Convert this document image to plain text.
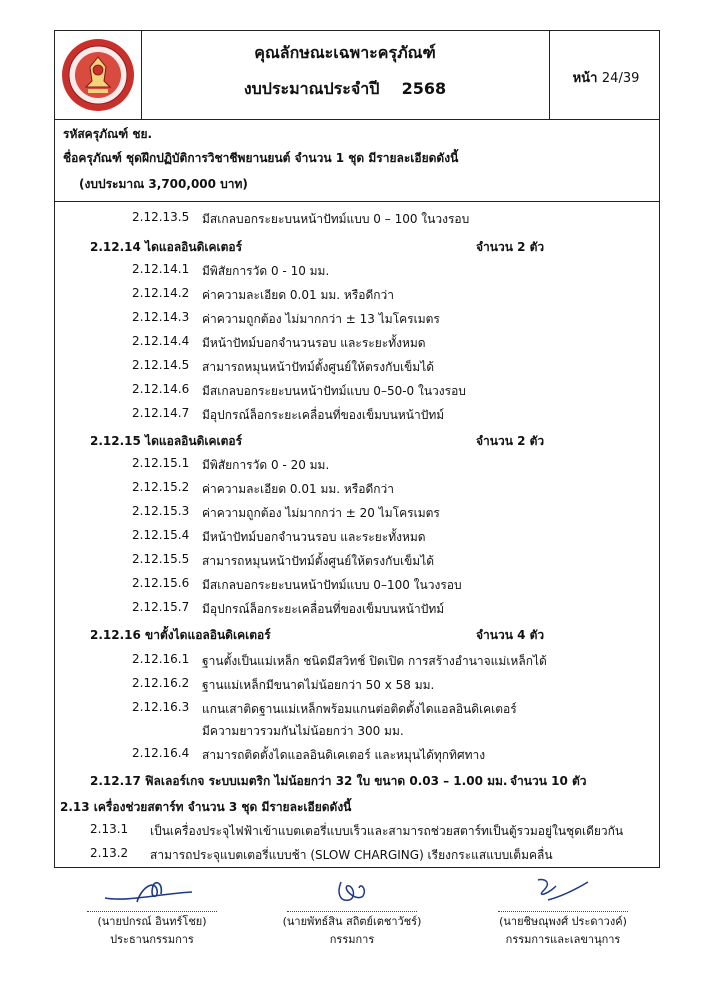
คุณลักษณะเฉพาะครุภัณฑ์
งบประมาณประจำปี 2568
หน้า 24/39
รหัสครุภัณฑ์ ชย.
ชื่อครุภัณฑ์ ชุดฝึกปฏิบัติการวิชาชีพยานยนต์ จำนวน 1 ชุด มีรายละเอียดดังนี้
(งบประมาณ 3,700,000 บาท)
2.12.13.5 มีสเกลบอกระยะบนหน้าปัทม์แบบ 0 – 100 ในวงรอบ
2.12.14 ไดแอลอินดิเคเตอร์	จำนวน 2 ตัว
2.12.14.1 มีพิสัยการวัด 0 - 10 มม.
2.12.14.2 ค่าความละเอียด 0.01 มม. หรือดีกว่า
2.12.14.3 ค่าความถูกต้อง ไม่มากกว่า ± 13 ไมโครเมตร
2.12.14.4 มีหน้าปัทม์บอกจำนวนรอบ และระยะทั้งหมด
2.12.14.5 สามารถหมุนหน้าปัทม์ตั้งศูนย์ให้ตรงกับเข็มได้
2.12.14.6 มีสเกลบอกระยะบนหน้าปัทม์แบบ 0–50-0 ในวงรอบ
2.12.14.7 มีอุปกรณ์ล็อกระยะเคลื่อนที่ของเข็มบนหน้าปัทม์
2.12.15 ไดแอลอินดิเคเตอร์	จำนวน 2 ตัว
2.12.15.1 มีพิสัยการวัด 0 - 20 มม.
2.12.15.2 ค่าความละเอียด 0.01 มม. หรือดีกว่า
2.12.15.3 ค่าความถูกต้อง ไม่มากกว่า ± 20 ไมโครเมตร
2.12.15.4 มีหน้าปัทม์บอกจำนวนรอบ และระยะทั้งหมด
2.12.15.5 สามารถหมุนหน้าปัทม์ตั้งศูนย์ให้ตรงกับเข็มได้
2.12.15.6 มีสเกลบอกระยะบนหน้าปัทม์แบบ 0–100 ในวงรอบ
2.12.15.7 มีอุปกรณ์ล็อกระยะเคลื่อนที่ของเข็มบนหน้าปัทม์
2.12.16 ขาตั้งไดแอลอินดิเคเตอร์	จำนวน 4 ตัว
2.12.16.1 ฐานตั้งเป็นแม่เหล็ก ชนิดมีสวิทช์ ปิดเปิด การสร้างอำนาจแม่เหล็กได้
2.12.16.2 ฐานแม่เหล็กมีขนาดไม่น้อยกว่า 50 x 58 มม.
2.12.16.3 แกนเสาติดฐานแม่เหล็กพร้อมแกนต่อติดตั้งไดแอลอินดิเคเตอร์
มีความยาวรวมกันไม่น้อยกว่า 300 มม.
2.12.16.4 สามารถติดตั้งไดแอลอินดิเคเตอร์ และหมุนได้ทุกทิศทาง
2.12.17 ฟิลเลอร์เกจ ระบบเมตริก ไม่น้อยกว่า 32 ใบ ขนาด 0.03 – 1.00 มม. จำนวน 10 ตัว
2.13 เครื่องช่วยสตาร์ท จำนวน 3 ชุด มีรายละเอียดดังนี้
2.13.1 เป็นเครื่องประจุไฟฟ้าเข้าแบตเตอรี่แบบเร็วและสามารถช่วยสตาร์ทเป็นตู้รวมอยู่ในชุดเดียวกัน
2.13.2 สามารถประจุแบตเตอรี่แบบช้า (SLOW CHARGING) เรียงกระแสแบบเต็มคลื่น
(นายปกรณ์ อินทร์โชย)
ประธานกรรมการ
(นายพัทธ์สิน สถิตย์เตชาวัชร์)
กรรมการ
(นายชิษณุพงศ์ ประดาวงค์)
กรรมการและเลขานุการ
